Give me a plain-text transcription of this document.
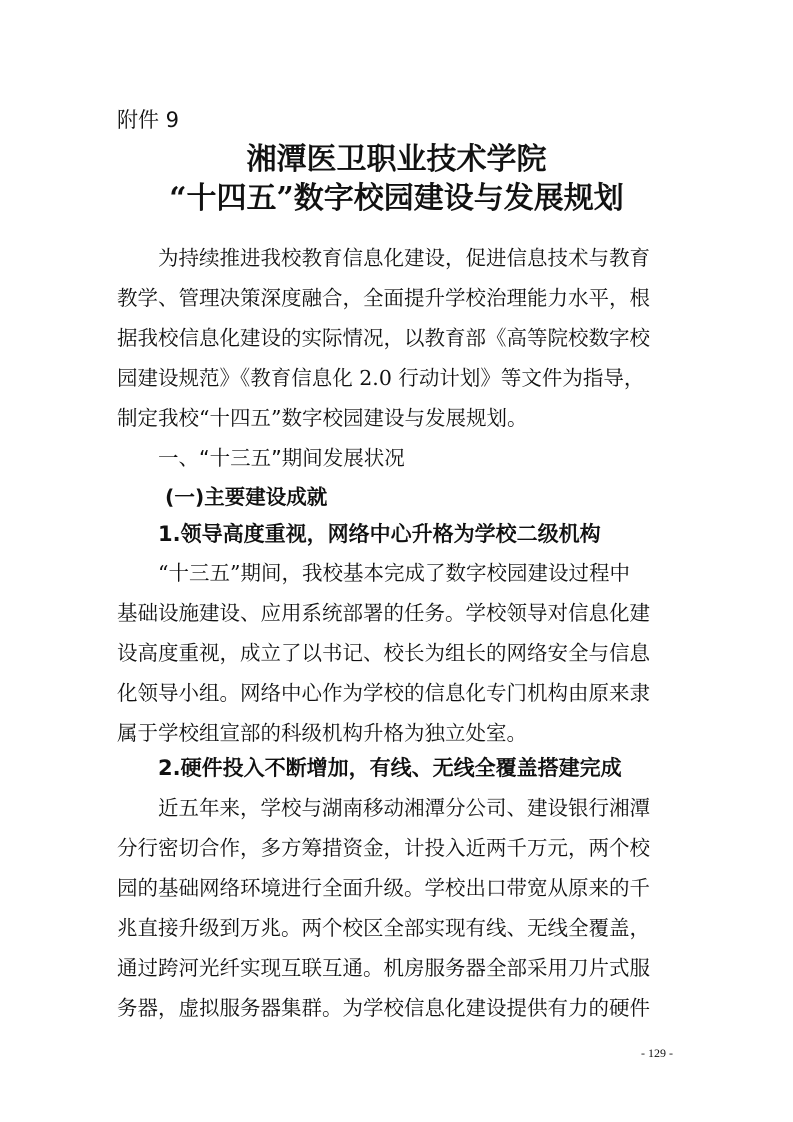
附件 9
湘潭医卫职业技术学院
“十四五”数字校园建设与发展规划
为持续推进我校教育信息化建设，促进信息技术与教育
教学、管理决策深度融合，全面提升学校治理能力水平，根
据我校信息化建设的实际情况，以教育部《高等院校数字校
园建设规范》《教育信息化 2.0 行动计划》等文件为指导，
制定我校“十四五”数字校园建设与发展规划。
一、“十三五”期间发展状况
(一)主要建设成就
1.领导高度重视，网络中心升格为学校二级机构
“十三五”期间，我校基本完成了数字校园建设过程中
基础设施建设、应用系统部署的任务。学校领导对信息化建
设高度重视，成立了以书记、校长为组长的网络安全与信息
化领导小组。网络中心作为学校的信息化专门机构由原来隶
属于学校组宣部的科级机构升格为独立处室。
2.硬件投入不断增加，有线、无线全覆盖搭建完成
近五年来，学校与湖南移动湘潭分公司、建设银行湘潭
分行密切合作，多方筹措资金，计投入近两千万元，两个校
园的基础网络环境进行全面升级。学校出口带宽从原来的千
兆直接升级到万兆。两个校区全部实现有线、无线全覆盖，
通过跨河光纤实现互联互通。机房服务器全部采用刀片式服
务器，虚拟服务器集群。为学校信息化建设提供有力的硬件
- 129 -
